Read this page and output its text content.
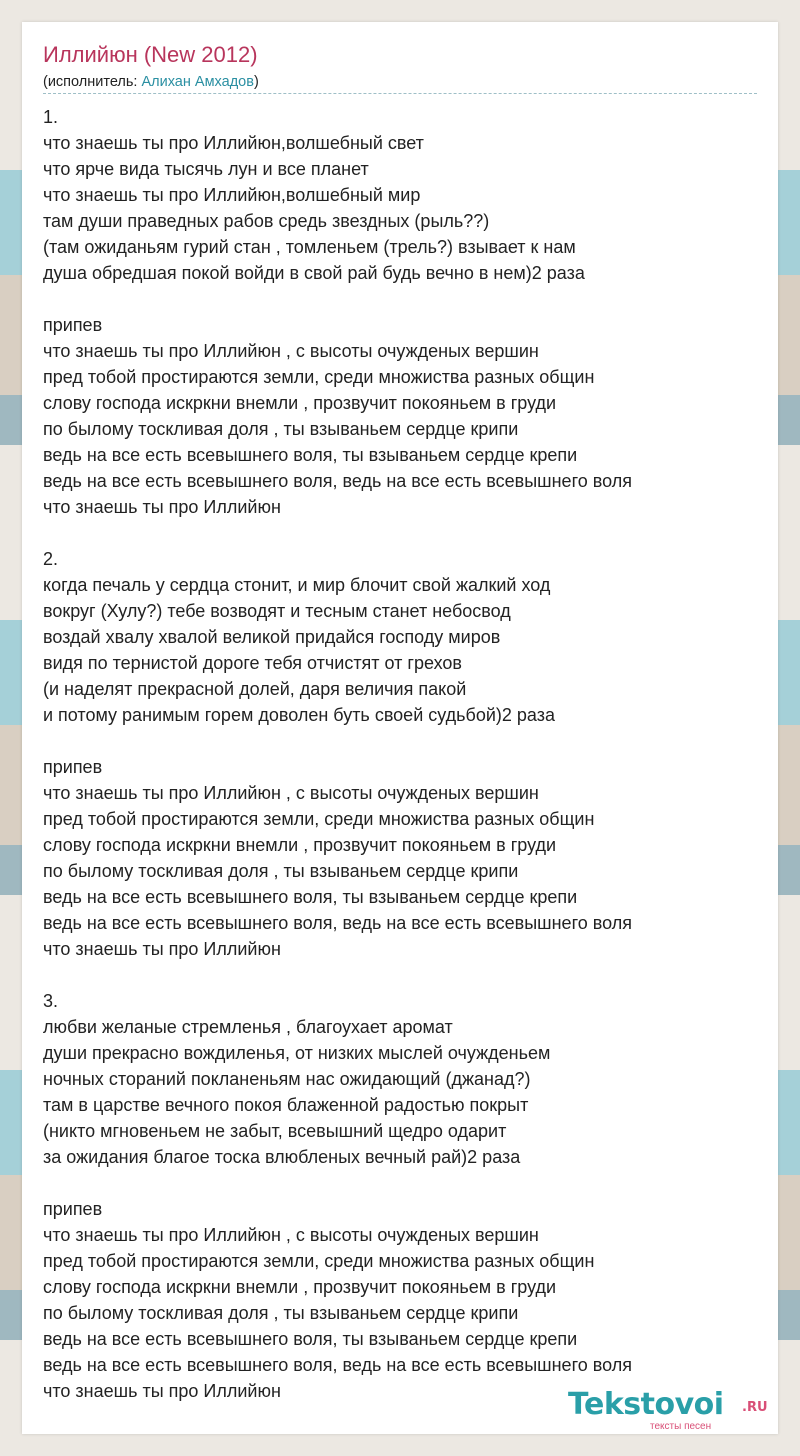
Иллийюн (New 2012)
(исполнитель: Алихан Амхадов)
1.
что знаешь ты про Иллийюн,волшебный свет
что ярче вида тысячь лун и все планет
что знаешь ты про Иллийюн,волшебный мир
там души праведных рабов средь звездных (рыль??)
(там ожиданьям гурий стан , томленьем (трель?) взывает к нам
душа обредшая покой войди в свой рай будь вечно в нем)2 раза
припев
что знаешь ты про Иллийюн , с высоты очужденых вершин
пред тобой простираются земли, среди множиства разных общин
слову господа искркни внемли , прозвучит покояньем в груди
по былому тоскливая доля , ты взываньем сердце крипи
ведь на все есть всевышнего воля, ты взываньем сердце крепи
ведь на все есть всевышнего воля, ведь на все есть всевышнего воля
что знаешь ты про Иллийюн
2.
когда печаль у сердца стонит, и мир блочит свой жалкий ход
вокруг (Хулу?) тебе возводят и тесным станет небосвод
воздай хвалу хвалой великой придайся господу миров
видя по тернистой дороге тебя отчистят от грехов
(и наделят прекрасной долей, даря величия пакой
и потому ранимым горем доволен буть своей судьбой)2 раза
припев
что знаешь ты про Иллийюн , с высоты очужденых вершин
пред тобой простираются земли, среди множиства разных общин
слову господа искркни внемли , прозвучит покояньем в груди
по былому тоскливая доля , ты взываньем сердце крипи
ведь на все есть всевышнего воля, ты взываньем сердце крепи
ведь на все есть всевышнего воля, ведь на все есть всевышнего воля
что знаешь ты про Иллийюн
3.
любви желаные стремленья , благоухает аромат
души прекрасно вождиленья, от низких мыслей очужденьем
ночных стораний покланеньям нас ожидающий (джанад?)
там в царстве вечного покоя блаженной радостью покрыт
(никто мгновеньем не забыт, всевышний щедро одарит
за ожидания благое тоска влюбленых вечный рай)2 раза
припев
что знаешь ты про Иллийюн , с высоты очужденых вершин
пред тобой простираются земли, среди множиства разных общин
слову господа искркни внемли , прозвучит покояньем в груди
по былому тоскливая доля , ты взываньем сердце крипи
ведь на все есть всевышнего воля, ты взываньем сердце крепи
ведь на все есть всевышнего воля, ведь на все есть всевышнего воля
что знаешь ты про Иллийюн	Tekstovoi .RU
тексты песен
